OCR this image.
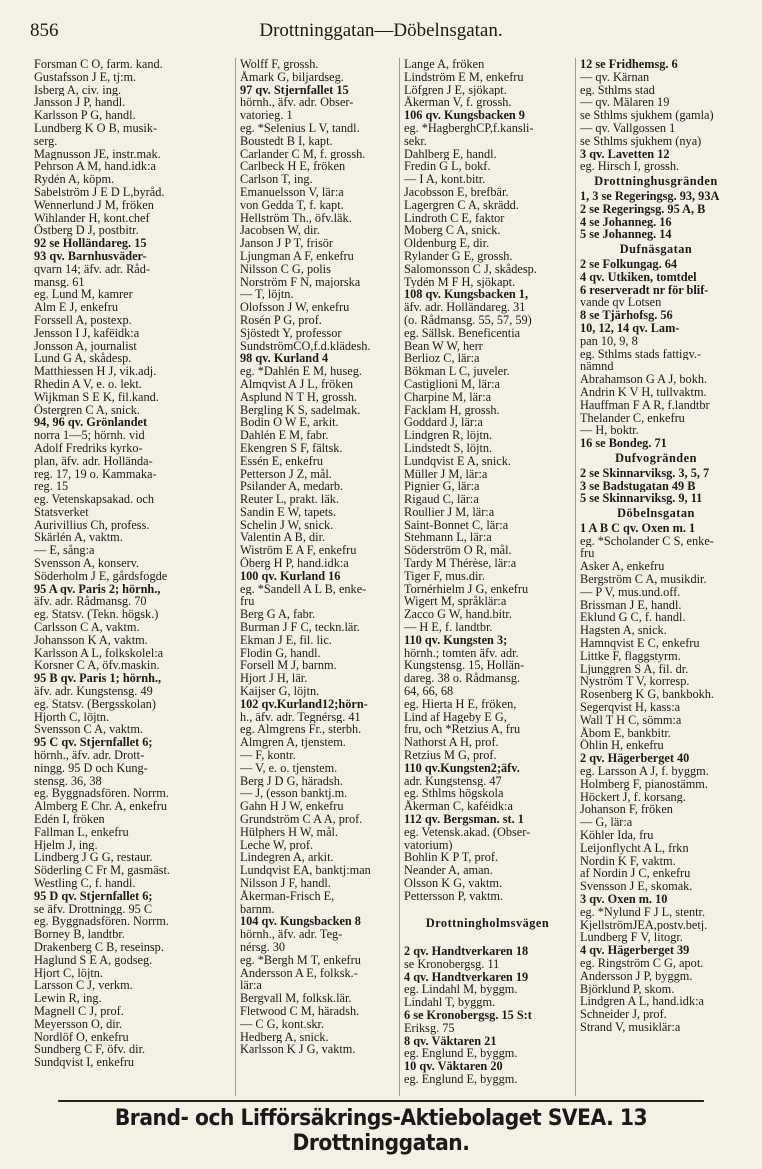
856	Drottninggatan—Döbelnsgatan.
Forsman C O, farm. kand.
Gustafsson J E, tj:m.
Isberg A, civ. ing.
Jansson J P, handl.
Karlsson P G, handl.
Lundberg K O B, musik-
serg.
Magnusson JE, instr.mak.
Pehrson A M, hand.idk:a
Rydén A, köpm.
Sabelström J E D L,byråd.
Wennerlund J M, fröken
Wihlander H, kont.chef
Östberg D J, postbitr.
92 se Holländareg. 15
93 qv. Barnhusväder-
qvarn 14; äfv. adr. Råd-
mansg. 61
eg. Lund M, kamrer
Alm E J, enkefru
Forssell A, postexp.
Jensson I J, kafëidk:a
Jonsson A, journalist
Lund G A, skådesp.
Matthiessen H J, vik.adj.
Rhedin A V, e. o. lekt.
Wijkman S E K, fil.kand.
Östergren C A, snick.
94, 96 qv. Grönlandet
norra 1—5; hörnh. vid
Adolf Fredriks kyrko-
plan, äfv. adr. Hollända-
reg. 17, 19 o. Kammaka-
reg. 15
eg. Vetenskapsakad. och
Statsverket
Aurivillius Ch, profess.
Skärlén A, vaktm.
— E, sång:a
Svensson A, konserv.
Söderholm J E, gårdsfogde
95 A qv. Paris 2; hörnh.,
äfv. adr. Rådmansg. 70
eg. Statsv. (Tekn. högsk.)
Carlsson C A, vaktm.
Johansson K A, vaktm.
Karlsson A L, folkskolel:a
Korsner C A, öfv.maskin.
95 B qv. Paris 1; hörnh.,
äfv. adr. Kungstensg. 49
eg. Statsv. (Bergsskolan)
Hjorth C, löjtn.
Svensson C A, vaktm.
95 C qv. Stjernfallet 6;
hörnh., äfv. adr. Drott-
ningg. 95 D och Kung-
stensg. 36, 38
eg. Byggnadsfören. Norrm.
Almberg E Chr. A, enkefru
Edén I, fröken
Fallman L, enkefru
Hjelm J, ing.
Lindberg J G G, restaur.
Söderling C Fr M, gasmäst.
Westling C, f. handl.
95 D qv. Stjernfallet 6;
se äfv. Drottningg. 95 C
eg. Byggnadsfören. Norrm.
Borney B, landtbr.
Drakenberg C B, reseinsp.
Haglund S E A, godseg.
Hjort C, löjtn.
Larsson C J, verkm.
Lewin R, ing.
Magnell C J, prof.
Meyersson O, dir.
Nordlöf O, enkefru
Sundberg C F, öfv. dir.
Sundqvist I, enkefru
Wolff F, grossh.
Åmark G, biljardseg.
97 qv. Stjernfallet 15
hörnh., äfv. adr. Obser-
vatorieg. 1
eg. *Selenius L V, tandl.
Boustedt B I, kapt.
Carlander C M, f. grossh.
Carlbeck H E, fröken
Carlson T, ing.
Emanuelsson V, lär:a
von Gedda T, f. kapt.
Hellström Th., öfv.läk.
Jacobsen W, dir.
Janson J P T, frisör
Ljungman A F, enkefru
Nilsson C G, polis
Norström F N, majorska
— T, löjtn.
Olofsson J W, enkefru
Rosén P G, prof.
Sjöstedt Y, professor
SundströmCO,f.d.klädesh.
98 qv. Kurland 4
eg. *Dahlén E M, huseg.
Almqvist A J L, fröken
Asplund N T H, grossh.
Bergling K S, sadelmak.
Bodin O W E, arkit.
Dahlén E M, fabr.
Ekengren S F, fältsk.
Essén E, enkefru
Petterson J Z, mål.
Psilander A, medarb.
Reuter L, prakt. läk.
Sandin E W, tapets.
Schelin J W, snick.
Valentin A B, dir.
Wiström E A F, enkefru
Öberg H P, hand.idk:a
100 qv. Kurland 16
eg. *Sandell A L B, enke-
fru
Berg G A, fabr.
Burman J F C, teckn.lär.
Ekman J E, fil. lic.
Flodin G, handl.
Forsell M J, barnm.
Hjort J H, lär.
Kaijser G, löjtn.
102 qv.Kurland12;hörn-
h., äfv. adr. Tegnérsg. 41
eg. Almgrens Fr., sterbh.
Almgren A, tjenstem.
— F, kontr.
— V, e. o. tjenstem.
Berg J D G, häradsh.
— J, (esson banktj.m.
Gahn H J W, enkefru
Grundström C A A, prof.
Hülphers H W, mål.
Leche W, prof.
Lindegren A, arkit.
Lundqvist EA, banktj:man
Nilsson J F, handl.
Åkerman-Frisch E,
barnm.
104 qv. Kungsbacken 8
hörnh., äfv. adr. Teg-
nérsg. 30
eg. *Bergh M T, enkefru
Andersson A E, folksk.-
lär:a
Bergvall M, folksk.lär.
Fletwood C M, häradsh.
— C G, kont.skr.
Hedberg A, snick.
Karlsson K J G, vaktm.
Lange A, fröken
Lindström E M, enkefru
Löfgren J E, sjökapt.
Åkerman V, f. grossh.
106 qv. Kungsbacken 9
eg. *HagberghCP,f.kansli-
sekr.
Dahlberg E, handl.
Fredin G L, bokf.
— I A, kont.bitr.
Jacobsson E, brefbär.
Lagergren C A, skrädd.
Lindroth C E, faktor
Moberg C A, snick.
Oldenburg E, dir.
Rylander G E, grossh.
Salomonsson C J, skådesp.
Tydén M F H, sjökapt.
108 qv. Kungsbacken 1,
äfv. adr. Holländareg. 31
(o. Rådmansg. 55, 57, 59)
eg. Sällsk. Beneficentia
Bean W W, herr
Berlioz C, lär:a
Bökman L C, juveler.
Castiglioni M, lär:a
Charpine M, lär:a
Facklam H, grossh.
Goddard J, lär:a
Lindgren R, löjtn.
Lindstedt S, löjtn.
Lundqvist E A, snick.
Müller J M, lär:a
Pignier G, lär:a
Rigaud C, lär:a
Roullier J M, lär:a
Saint-Bonnet C, lär:a
Stehmann L, lär:a
Söderström O R, mål.
Tardy M Thérèse, lär:a
Tiger F, mus.dir.
Tornérhielm J G, enkefru
Wigert M, språklär:a
Zacco G W, hand.bitr.
— H E, f. landtbr.
110 qv. Kungsten 3;
hörnh.; tomten äfv. adr.
Kungstensg. 15, Hollän-
dareg. 38 o. Rådmansg.
64, 66, 68
eg. Hierta H E, fröken,
Lind af Hageby E G,
fru, och *Retzius A, fru
Nathorst A H, prof.
Retzius M G, prof.
110 qv.Kungsten2;äfv.
adr. Kungstensg. 47
eg. Sthlms högskola
Åkerman C, kaféidk:a
112 qv. Bergsman. st. 1
eg. Vetensk.akad. (Obser-
vatorium)
Bohlin K P T, prof.
Neander A, aman.
Olsson K G, vaktm.
Pettersson P, vaktm.

Drottningholmsvägen

2 qv. Handtverkaren 18
se Kronobergsg. 11
4 qv. Handtverkaren 19
eg. Lindahl M, byggm.
Lindahl T, byggm.
6 se Kronobergsg. 15 S:t
Eriksg. 75
8 qv. Väktaren 21
eg. Englund E, byggm.
10 qv. Väktaren 20
eg. Englund E, byggm.
12 se Fridhemsg. 6
— qv. Kärnan
eg. Sthlms stad
— qv. Mälaren 19
se Sthlms sjukhem (gamla)
— qv. Vallgossen 1
se Sthlms sjukhem (nya)
3 qv. Lavetten 12
eg. Hirsch I, grossh.
Drottninghusgränden
1, 3 se Regeringsg. 93, 93A
2 se Regeringsg. 95 A, B
4 se Johanneg. 16
5 se Johanneg. 14
Dufnäsgatan
2 se Folkungag. 64
4 qv. Utkiken, tomtdel
6 reserveradt nr för blif-
vande qv Lotsen
8 se Tjärhofsg. 56
10, 12, 14 qv. Lam-
pan 10, 9, 8
eg. Sthlms stads fattigv.-
nämnd
Abrahamson G A J, bokh.
Andrin K V H, tullvaktm.
Hauffman F A R, f.landtbr
Thelander C, enkefru
— H, boktr.
16 se Bondeg. 71
Dufvogränden
2 se Skinnarviksg. 3, 5, 7
3 se Badstugatan 49 B
5 se Skinnarviksg. 9, 11
Döbelnsgatan
1 A B C qv. Oxen m. 1
eg. *Scholander C S, enke-
fru
Asker A, enkefru
Bergström C A, musikdir.
— P V, mus.und.off.
Brissman J E, handl.
Eklund G C, f. handl.
Hagsten A, snick.
Hamnqvist E C, enkefru
Littke F, flaggstyrm.
Ljunggren S A, fil. dr.
Nyström T V, korresp.
Rosenberg K G, bankbokh.
Segerqvist H, kass:a
Wall T H C, sömm:a
Åbom E, bankbitr.
Öhlin H, enkefru
2 qv. Hägerberget 40
eg. Larsson A J, f. byggm.
Holmberg F, pianostämm.
Höckert J, f. korsang.
Johanson F, fröken
— G, lär:a
Köhler Ida, fru
Leijonflycht A L, frkn
Nordin K F, vaktm.
af Nordin J C, enkefru
Svensson J E, skomak.
3 qv. Oxen m. 10
eg. *Nylund F J L, stentr.
KjellströmJEA,postv.betj.
Lundberg F V, litogr.
4 qv. Hägerberget 39
eg. Ringström C G, apot.
Andersson J P, byggm.
Björklund P, skom.
Lindgren A L, hand.idk:a
Schneider J, prof.
Strand V, musiklär:a
Brand- och Lifförsäkrings-Aktiebolaget SVEA. 13 Drottninggatan.
